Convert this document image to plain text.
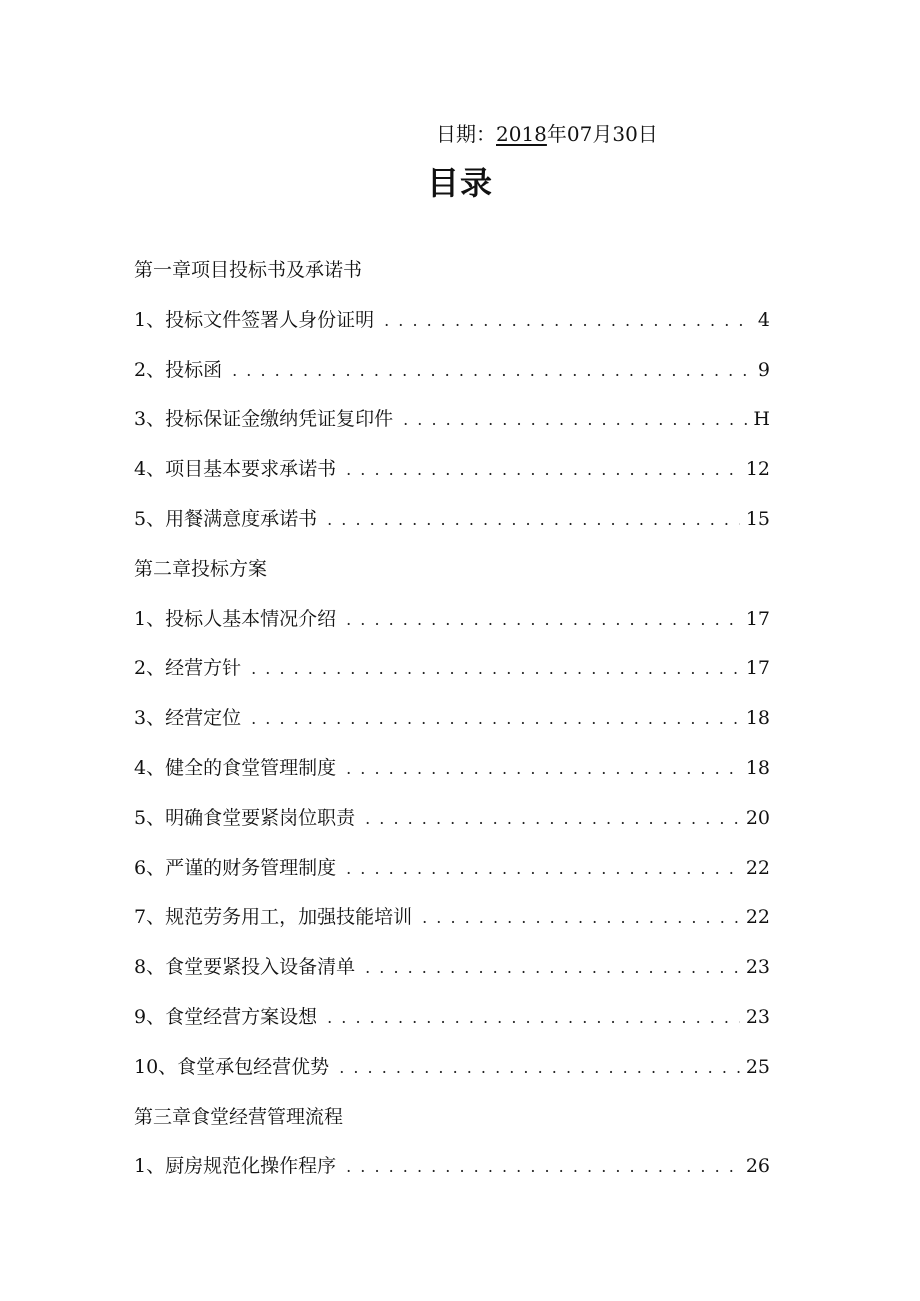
日期：2018年07月30日
目录
第一章项目投标书及承诺书
1、投标文件签署人身份证明 . . .	4
2、投标函 . . .	9
3、投标保证金缴纳凭证复印件 . . .	H
4、项目基本要求承诺书 . . .	12
5、用餐满意度承诺书 . . .	15
第二章投标方案
1、投标人基本情况介绍 . . .	17
2、经营方针 . . .	17
3、经营定位 . . .	18
4、健全的食堂管理制度 . . .	18
5、明确食堂要紧岗位职责 . . .	20
6、严谨的财务管理制度 . . .	22
7、规范劳务用工，加强技能培训 . . .	22
8、食堂要紧投入设备清单 . . .	23
9、食堂经营方案设想 . . .	23
10、食堂承包经营优势 . . .	25
第三章食堂经营管理流程
1、厨房规范化操作程序 . . .	26
